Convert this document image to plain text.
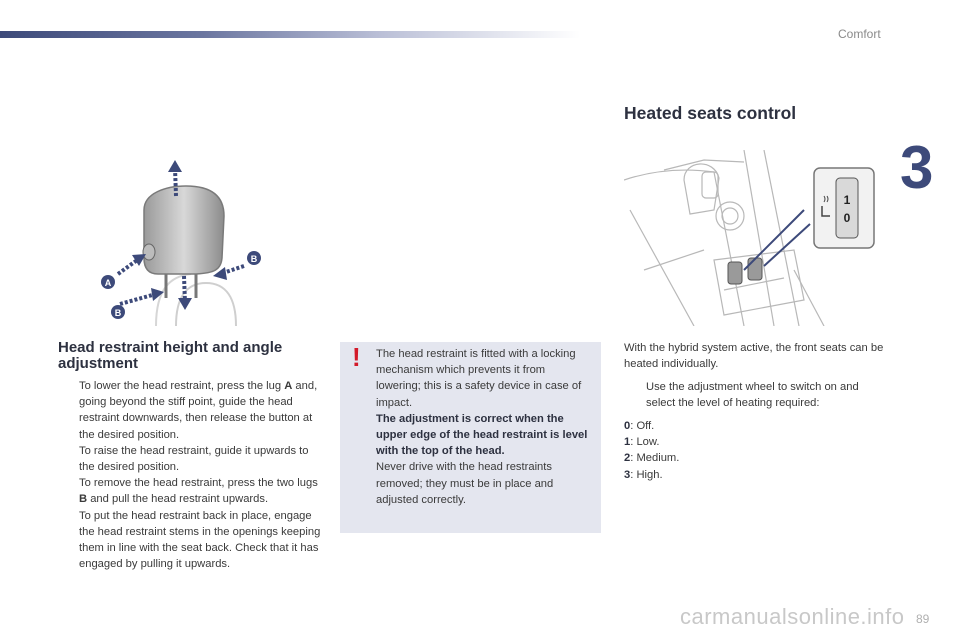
Comfort
3
A
B
B
Head restraint height and angle adjustment
To lower the head restraint, press the lug A and, going beyond the stiff point, guide the head restraint downwards, then release the button at the desired position.
To raise the head restraint, guide it upwards to the desired position.
To remove the head restraint, press the two lugs B and pull the head restraint upwards.
To put the head restraint back in place, engage the head restraint stems in the openings keeping them in line with the seat back. Check that it has engaged by pulling it upwards.
! The head restraint is fitted with a locking mechanism which prevents it from lowering; this is a safety device in case of impact.
The adjustment is correct when the upper edge of the head restraint is level with the top of the head.
Never drive with the head restraints removed; they must be in place and adjusted correctly.
Heated seats control
1
0
With the hybrid system active, the front seats can be heated individually.
Use the adjustment wheel to switch on and select the level of heating required:
0: Off.
1: Low.
2: Medium.
3: High.
carmanualsonline.info 89
